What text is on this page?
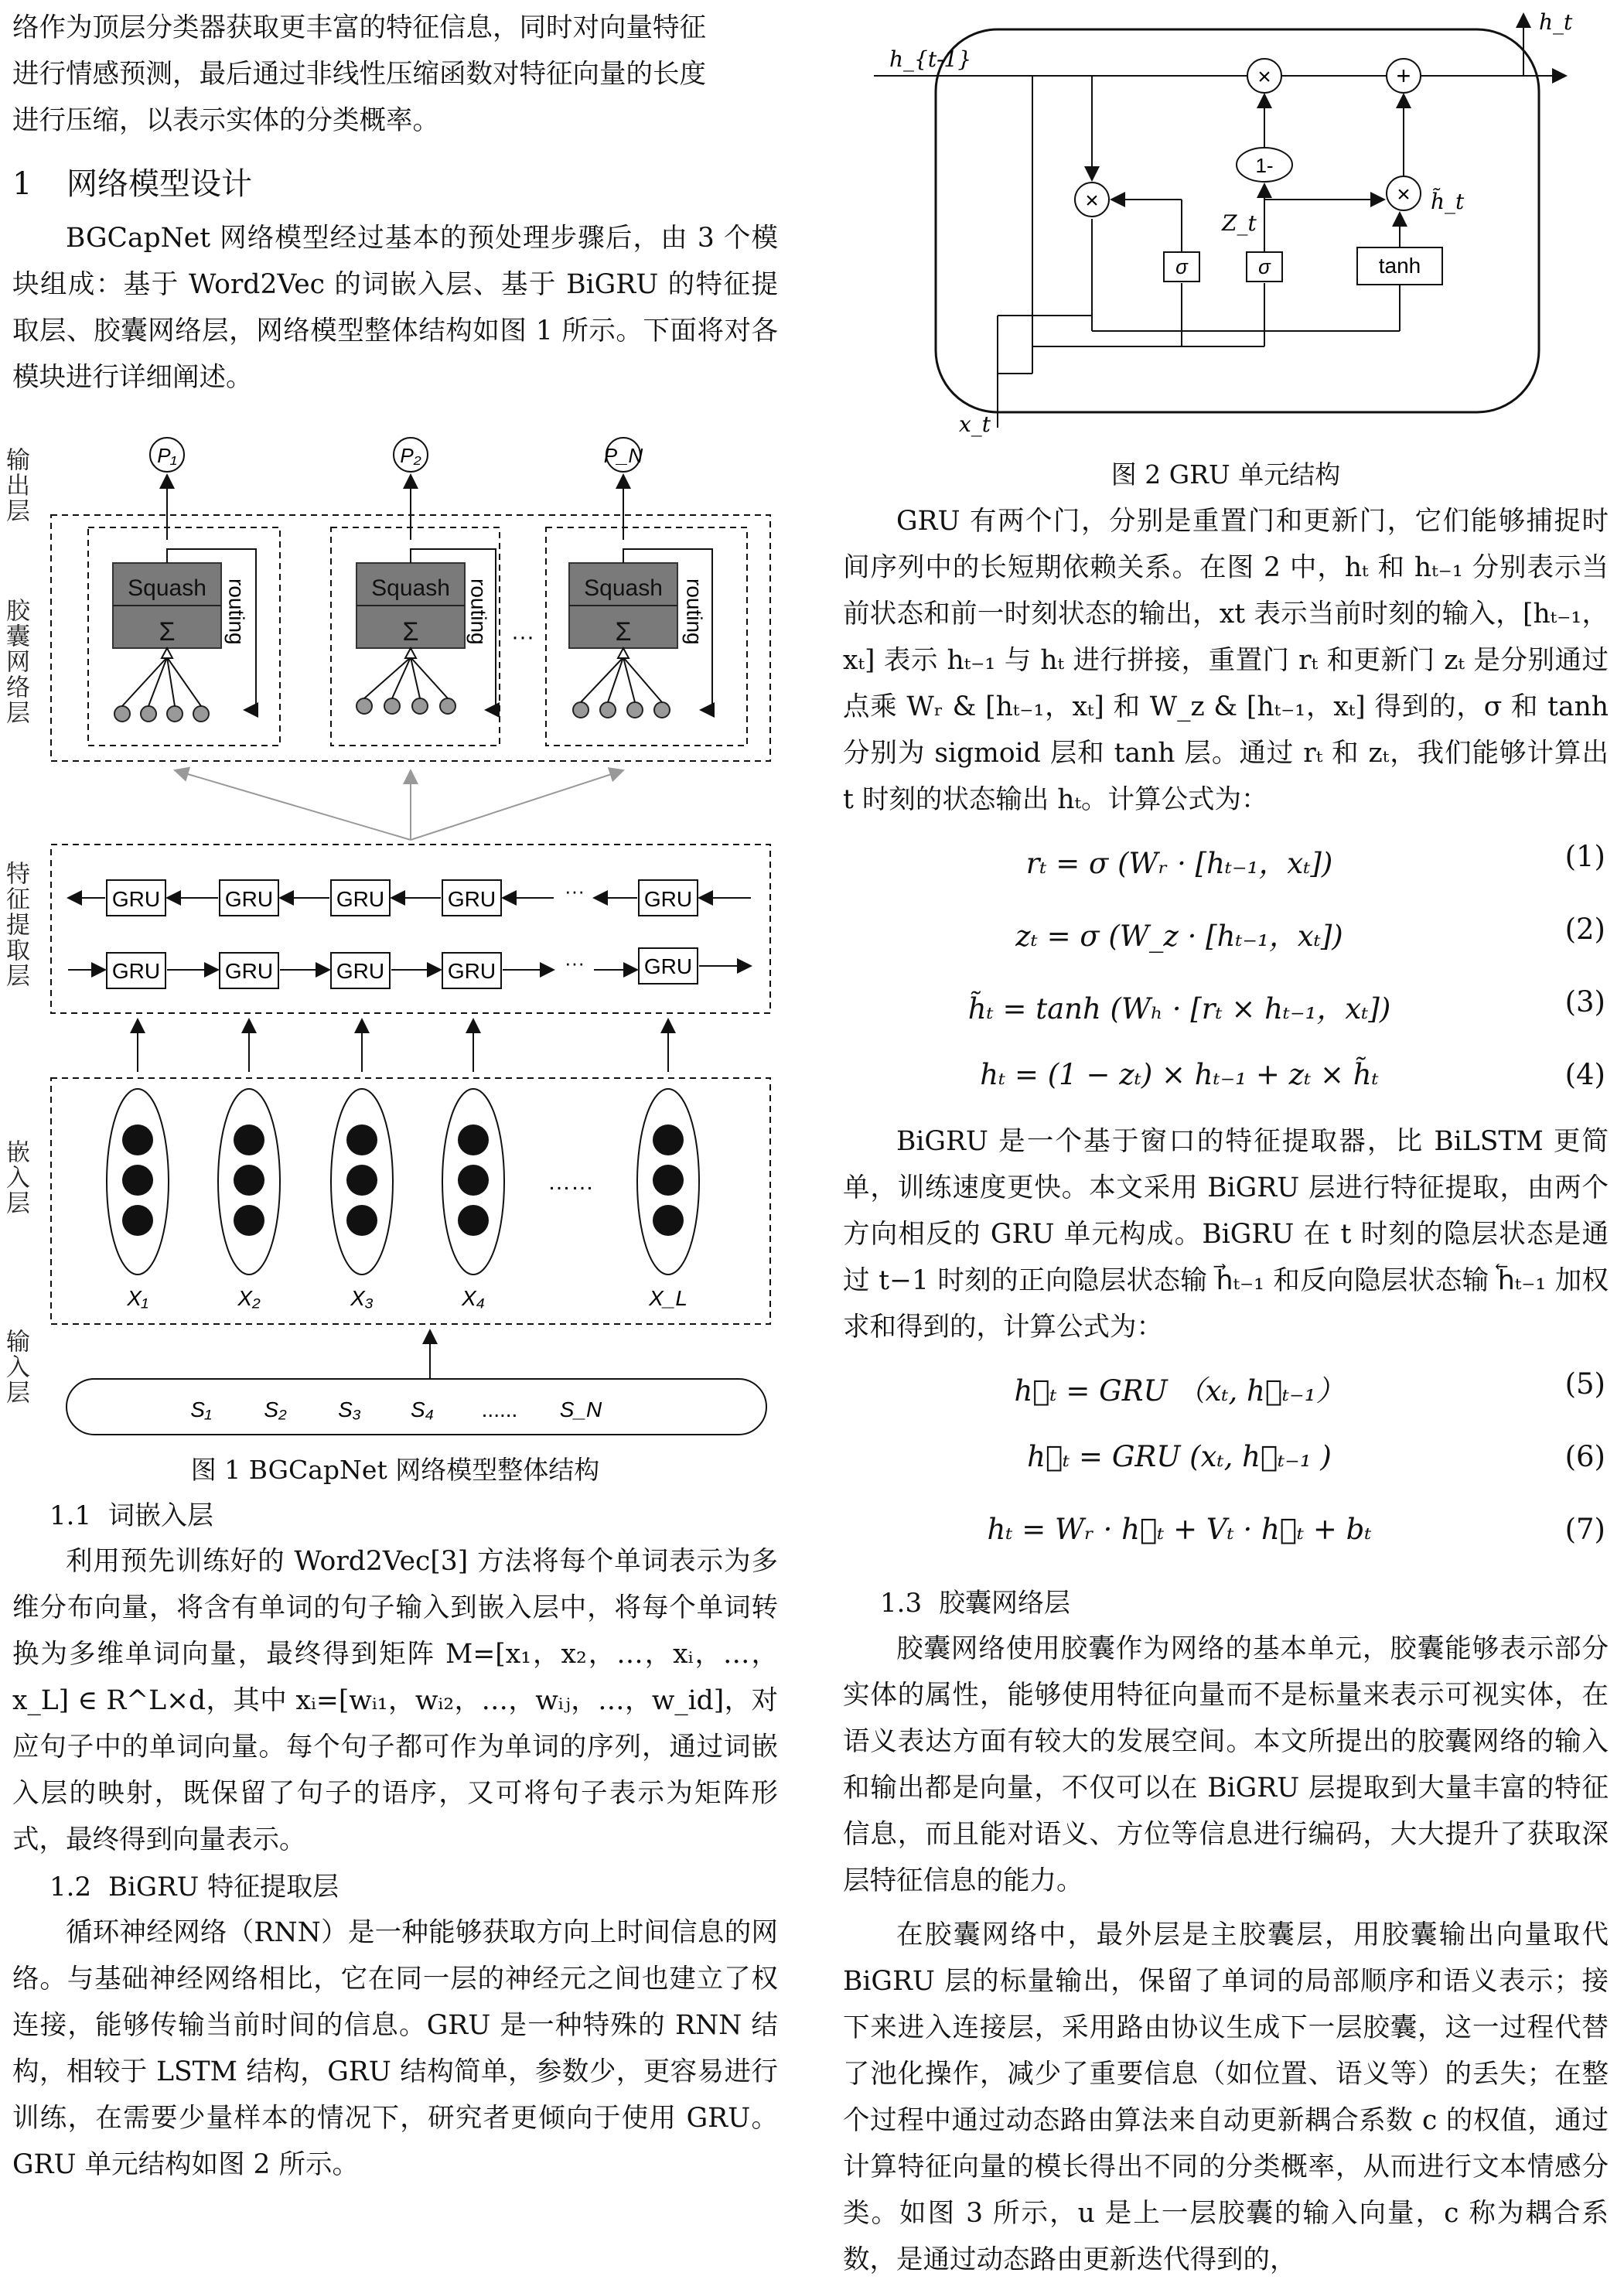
络作为顶层分类器获取更丰富的特征信息，同时对向量特征

进行情感预测，最后通过非线性压缩函数对特征向量的长度

进行压缩，以表示实体的分类概率。

1 网络模型设计

BGCapNet 网络模型经过基本的预处理步骤后，由 3 个模块组成：基于 Word2Vec 的词嵌入层、基于 BiGRU 的特征提取层、胶囊网络层，网络模型整体结构如图 1 所示。下面将对各模块进行详细阐述。

输出层
胶囊网络层
特征提取层
嵌入层
输入层
P₁	P₂	P_N
Squash	Squash	Squash
Σ	Σ	Σ
routing	routing	routing
···
GRU	GRU	GRU	GRU	GRU
GRU	GRU	GRU	GRU	GRU
···
···
……
X₁	X₂	X₃	X₄	X_L
S₁ S₂ S₃ S₄ ...... S_N

图 1 BGCapNet 网络模型整体结构

1.1 词嵌入层

利用预先训练好的 Word2Vec[3] 方法将每个单词表示为多维分布向量，将含有单词的句子输入到嵌入层中，将每个单词转换为多维单词向量，最终得到矩阵 M=[x₁，x₂，…，xᵢ，…，x_L] ∈ R^L×d，其中 xᵢ=[wᵢ₁，wᵢ₂，…，wᵢⱼ，…，w_id]，对应句子中的单词向量。每个句子都可作为单词的序列，通过词嵌入层的映射，既保留了句子的语序，又可将句子表示为矩阵形式，最终得到向量表示。

1.2 BiGRU 特征提取层

循环神经网络（RNN）是一种能够获取方向上时间信息的网络。与基础神经网络相比，它在同一层的神经元之间也建立了权连接，能够传输当前时间的信息。GRU 是一种特殊的 RNN 结构，相较于 LSTM 结构，GRU 结构简单，参数少，更容易进行训练，在需要少量样本的情况下，研究者更倾向于使用 GRU。GRU 单元结构如图 2 所示。

h_{t-1}
h_t
×	+
1-
×	× h̃_t
σ	σ
Z_t
tanh
x_t

图 2 GRU 单元结构

GRU 有两个门，分别是重置门和更新门，它们能够捕捉时间序列中的长短期依赖关系。在图 2 中，hₜ 和 hₜ₋₁ 分别表示当前状态和前一时刻状态的输出，xt 表示当前时刻的输入，[hₜ₋₁，xₜ] 表示 hₜ₋₁ 与 hₜ 进行拼接，重置门 rₜ 和更新门 zₜ 是分别通过点乘 Wᵣ & [hₜ₋₁，xₜ] 和 W_z & [hₜ₋₁，xₜ] 得到的，σ 和 tanh 分别为 sigmoid 层和 tanh 层。通过 rₜ 和 zₜ，我们能够计算出 t 时刻的状态输出 hₜ。计算公式为：

rₜ = σ (Wᵣ · [hₜ₋₁，xₜ])	(1)
zₜ = σ (W_z · [hₜ₋₁，xₜ])	(2)
h̃ₜ = tanh (Wₕ · [rₜ × hₜ₋₁，xₜ])	(3)
hₜ = (1 − zₜ) × hₜ₋₁ + zₜ × h̃ₜ	(4)

BiGRU 是一个基于窗口的特征提取器，比 BiLSTM 更简单，训练速度更快。本文采用 BiGRU 层进行特征提取，由两个方向相反的 GRU 单元构成。BiGRU 在 t 时刻的隐层状态是通过 t−1 时刻的正向隐层状态输 h⃗ₜ₋₁ 和反向隐层状态输 h⃖ₜ₋₁ 加权求和得到的，计算公式为：

h⃗ₜ = GRU （xₜ, h⃗ₜ₋₁）	(5)
h⃖ₜ = GRU (xₜ, h⃖ₜ₋₁ )	(6)
hₜ = Wᵣ · h⃗ₜ + Vₜ · h⃖ₜ + bₜ	(7)
1.3 胶囊网络层

胶囊网络使用胶囊作为网络的基本单元，胶囊能够表示部分实体的属性，能够使用特征向量而不是标量来表示可视实体，在语义表达方面有较大的发展空间。本文所提出的胶囊网络的输入和输出都是向量，不仅可以在 BiGRU 层提取到大量丰富的特征信息，而且能对语义、方位等信息进行编码，大大提升了获取深层特征信息的能力。

在胶囊网络中，最外层是主胶囊层，用胶囊输出向量取代 BiGRU 层的标量输出，保留了单词的局部顺序和语义表示；接下来进入连接层，采用路由协议生成下一层胶囊，这一过程代替了池化操作，减少了重要信息（如位置、语义等）的丢失；在整个过程中通过动态路由算法来自动更新耦合系数 c 的权值，通过计算特征向量的模长得出不同的分类概率，从而进行文本情感分类。如图 3 所示，u 是上一层胶囊的输入向量，c 称为耦合系数，是通过动态路由更新迭代得到的，
